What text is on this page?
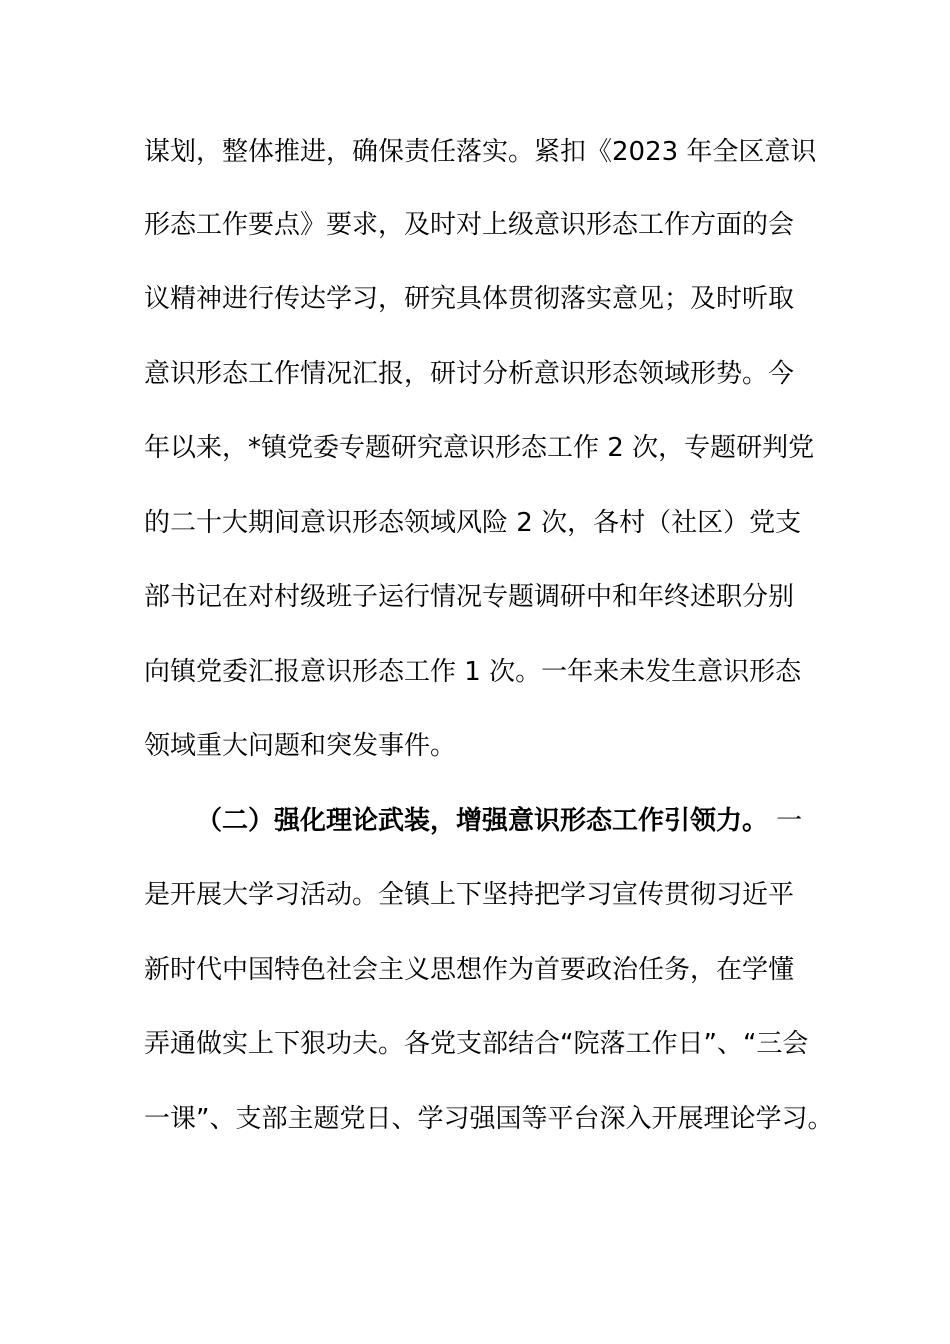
谋划，整体推进，确保责任落实。紧扣《2023 年全区意识
形态工作要点》要求，及时对上级意识形态工作方面的会
议精神进行传达学习，研究具体贯彻落实意见；及时听取
意识形态工作情况汇报，研讨分析意识形态领域形势。今
年以来，*镇党委专题研究意识形态工作 2 次，专题研判党
的二十大期间意识形态领域风险 2 次，各村（社区）党支
部书记在对村级班子运行情况专题调研中和年终述职分别
向镇党委汇报意识形态工作 1 次。一年来未发生意识形态
领域重大问题和突发事件。
（二）强化理论武装，增强意识形态工作引领力。 一
是开展大学习活动。全镇上下坚持把学习宣传贯彻习近平
新时代中国特色社会主义思想作为首要政治任务，在学懂
弄通做实上下狠功夫。各党支部结合“院落工作日”、“三会
一课”、支部主题党日、学习强国等平台深入开展理论学习。
